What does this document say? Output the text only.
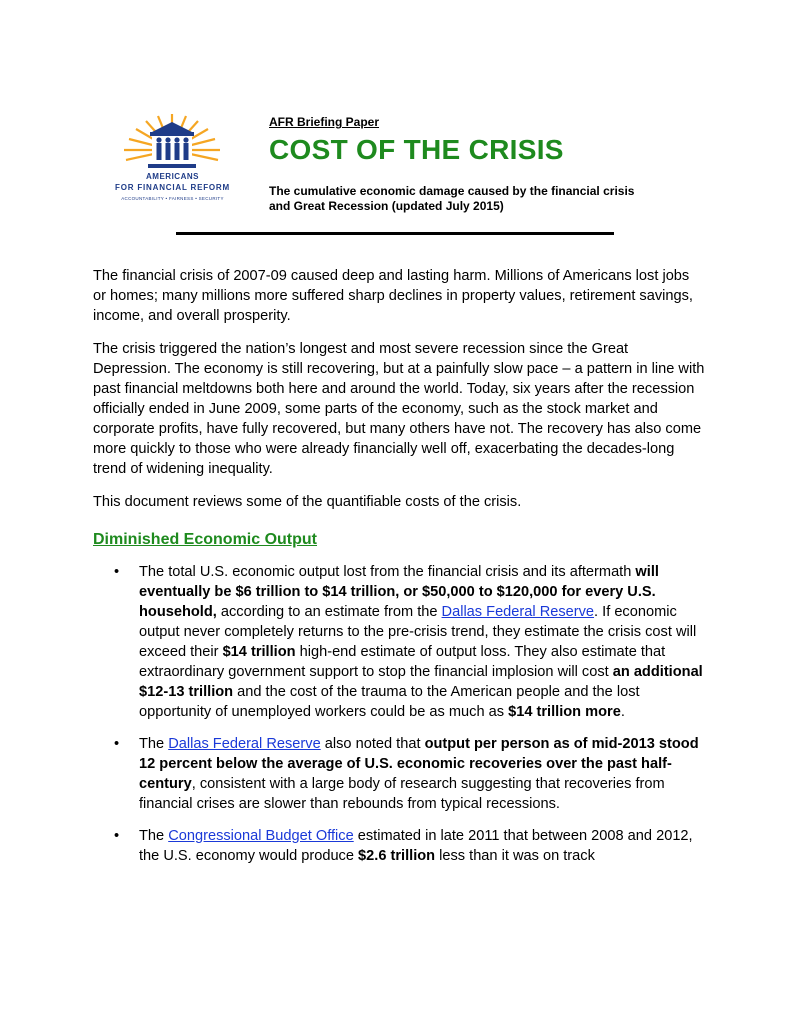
AMERICANS
FOR FINANCIAL REFORM
ACCOUNTABILITY • FAIRNESS • SECURITY
AFR Briefing Paper
COST OF THE CRISIS
The cumulative economic damage caused by the financial crisis and Great Recession (updated July 2015)

The financial crisis of 2007-09 caused deep and lasting harm. Millions of Americans lost jobs or homes; many millions more suffered sharp declines in property values, retirement savings, income, and overall prosperity.

The crisis triggered the nation’s longest and most severe recession since the Great Depression. The economy is still recovering, but at a painfully slow pace – a pattern in line with past financial meltdowns both here and around the world. Today, six years after the recession officially ended in June 2009, some parts of the economy, such as the stock market and corporate profits, have fully recovered, but many others have not. The recovery has also come more quickly to those who were already financially well off, exacerbating the decades-long trend of widening inequality.

This document reviews some of the quantifiable costs of the crisis.

Diminished Economic Output
• The total U.S. economic output lost from the financial crisis and its aftermath will eventually be $6 trillion to $14 trillion, or $50,000 to $120,000 for every U.S. household, according to an estimate from the Dallas Federal Reserve. If economic output never completely returns to the pre-crisis trend, they estimate the crisis cost will exceed their $14 trillion high-end estimate of output loss. They also estimate that extraordinary government support to stop the financial implosion will cost an additional $12-13 trillion and the cost of the trauma to the American people and the lost opportunity of unemployed workers could be as much as $14 trillion more.
• The Dallas Federal Reserve also noted that output per person as of mid-2013 stood 12 percent below the average of U.S. economic recoveries over the past half-century, consistent with a large body of research suggesting that recoveries from financial crises are slower than rebounds from typical recessions.
• The Congressional Budget Office estimated in late 2011 that between 2008 and 2012, the U.S. economy would produce $2.6 trillion less than it was on track
